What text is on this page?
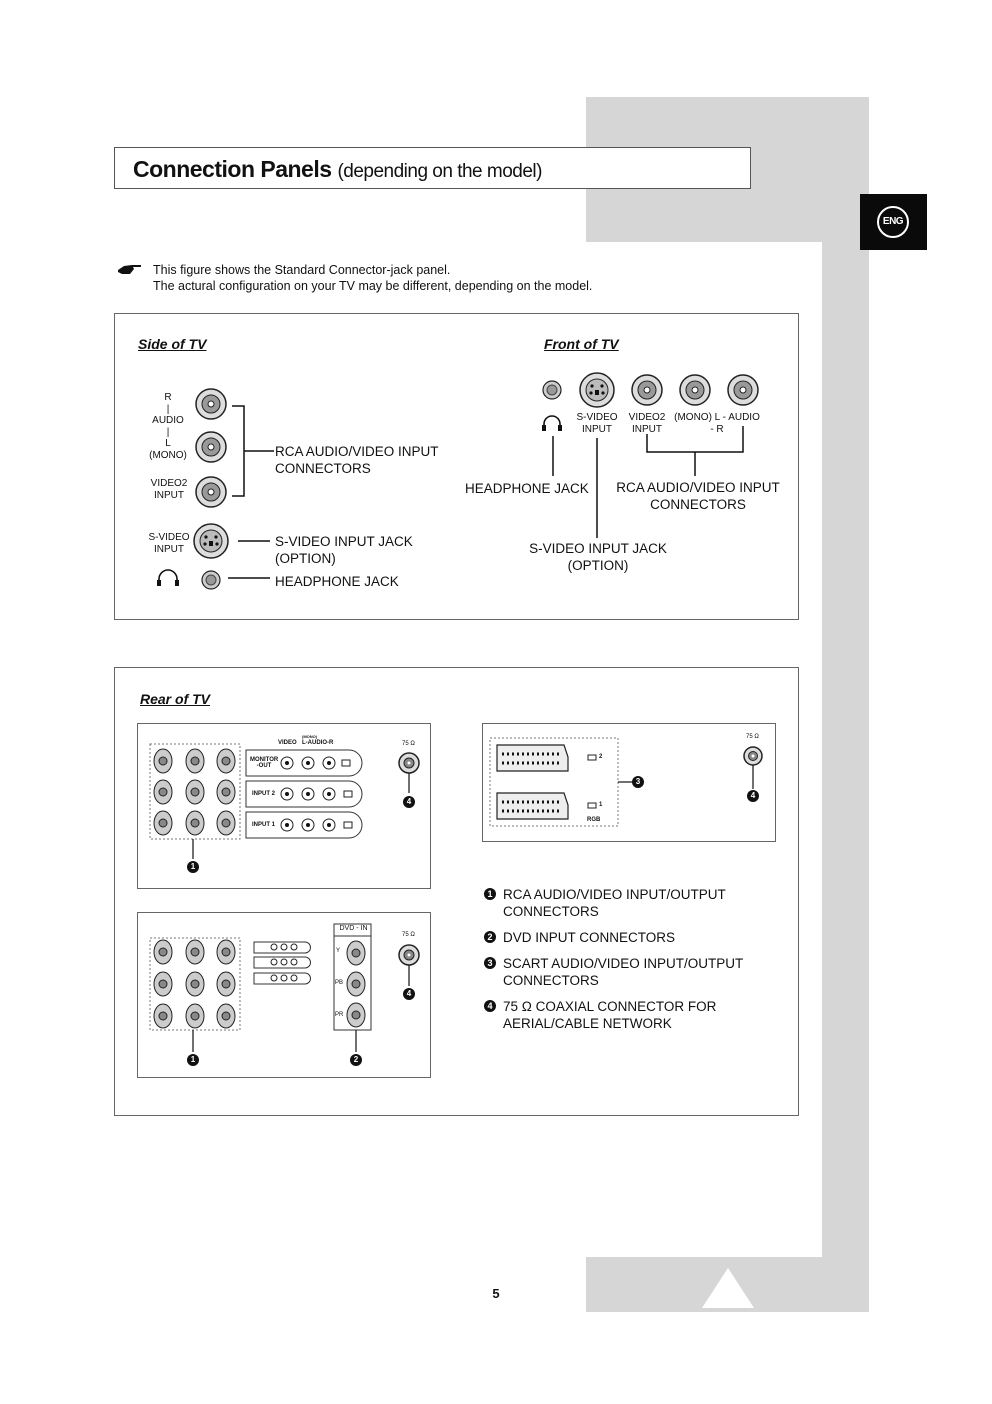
5
Connection Panels (depending on the model)
ENG
This figure shows the Standard Connector-jack panel.
The actural configuration on your TV may be different, depending on the model.
Side of TV	Front of TV
R
|
AUDIO
|
L
(MONO)
VIDEO2
INPUT
S-VIDEO
INPUT
RCA AUDIO/VIDEO INPUT
CONNECTORS
S-VIDEO INPUT JACK
(OPTION)
HEADPHONE JACK
S-VIDEO
INPUT
VIDEO2
INPUT
(MONO) L - AUDIO - R
HEADPHONE JACK	RCA AUDIO/VIDEO INPUT
CONNECTORS
S-VIDEO INPUT JACK
(OPTION)
Rear of TV
(MONO)
VIDEO L-AUDIO-R
MONITOR -OUT
INPUT 2
INPUT 1
75 Ω
1
4
2
1
RGB
75 Ω
3
4
DVD - IN
Y
PB
PR
75 Ω
1	2
4
1 RCA AUDIO/VIDEO INPUT/OUTPUT
CONNECTORS
2 DVD INPUT CONNECTORS
3 SCART AUDIO/VIDEO INPUT/OUTPUT
CONNECTORS
4 75 Ω COAXIAL CONNECTOR FOR
AERIAL/CABLE NETWORK
